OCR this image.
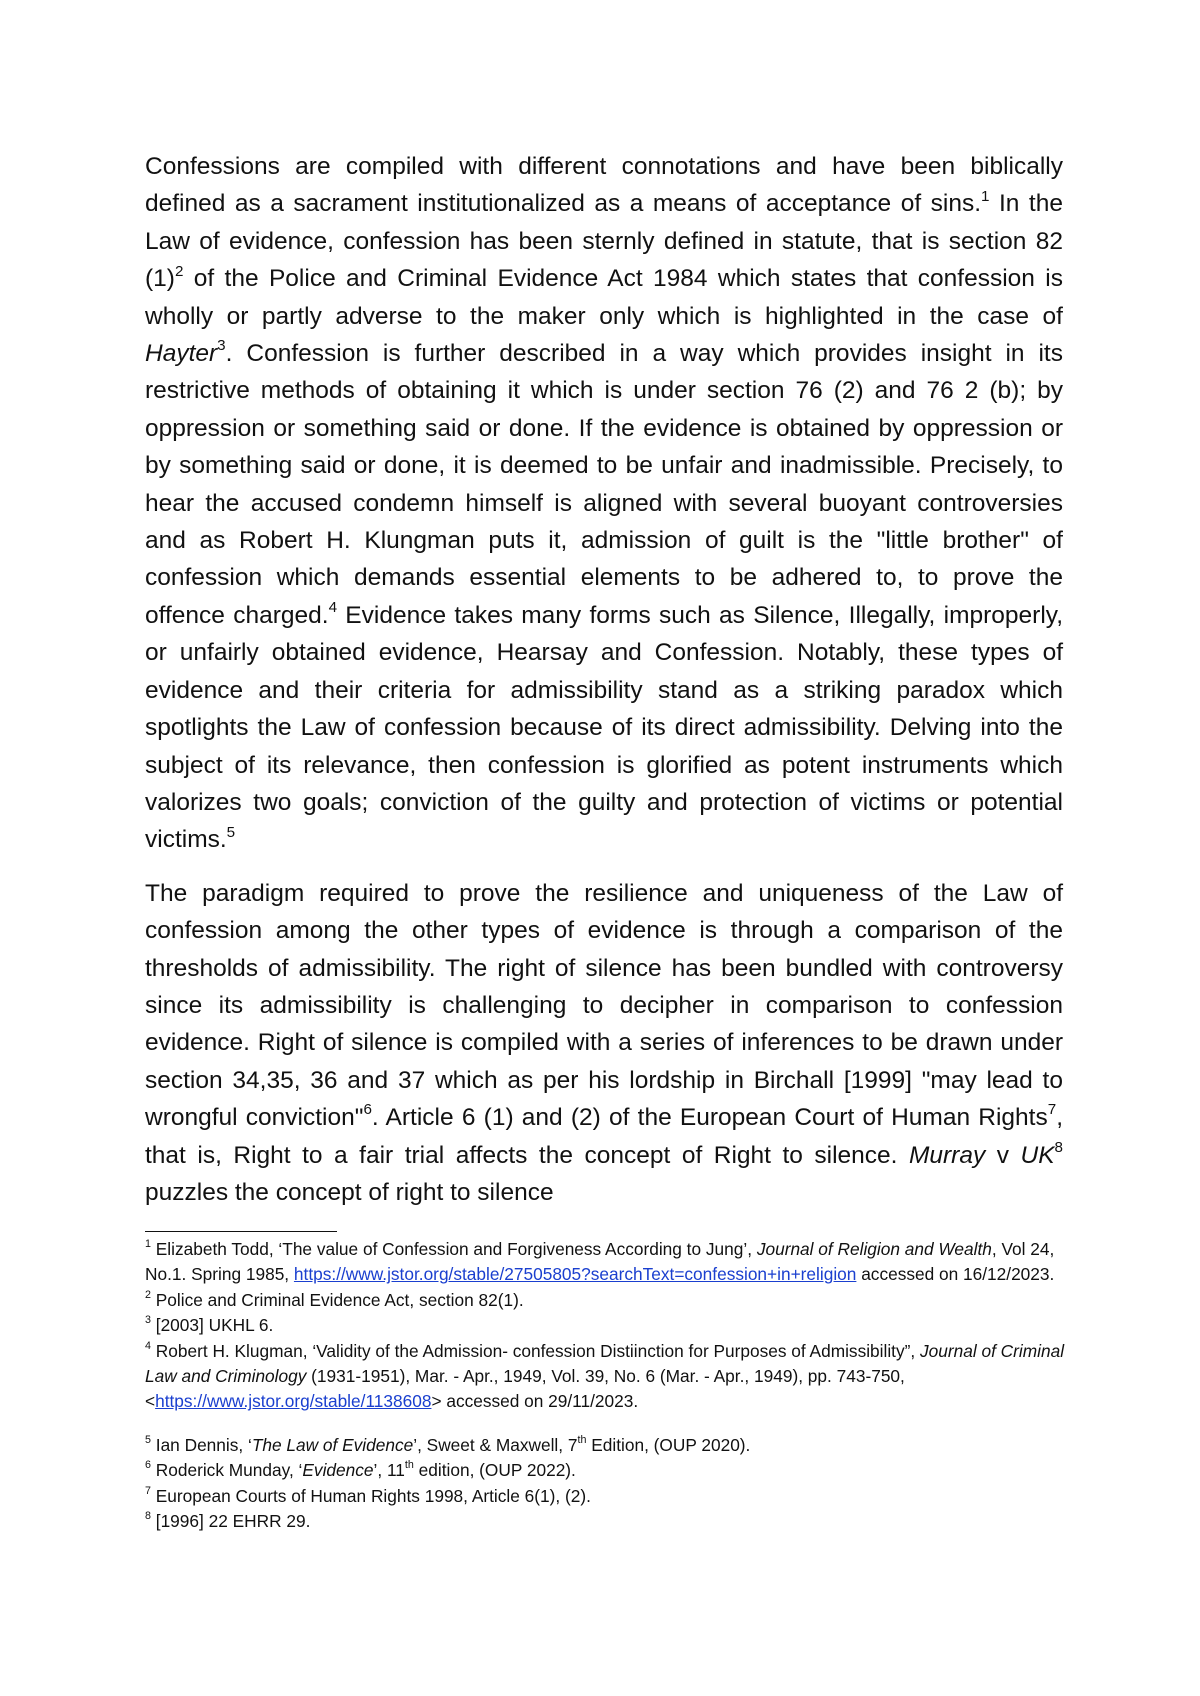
Confessions are compiled with different connotations and have been biblically defined as a sacrament institutionalized as a means of acceptance of sins.$^1$ In the Law of evidence, confession has been sternly defined in statute, that is section 82 $(1)^2$ of the Police and Criminal Evidence Act 1984 which states that confession is wholly or partly adverse to the maker only which is highlighted in the case of Hayter$^3$. Confession is further described in a way which provides insight in its restrictive methods of obtaining it which is under section 76 (2) and 76 2 (b); by oppression or something said or done. If the evidence is obtained by oppression or by something said or done, it is deemed to be unfair and inadmissible. Precisely, to hear the accused condemn himself is aligned with several buoyant controversies and as Robert H. Klungman puts it, admission of guilt is the "little brother" of confession which demands essential elements to be adhered to, to prove the offence charged.$^4$ Evidence takes many forms such as Silence, Illegally, improperly, or unfairly obtained evidence, Hearsay and Confession. Notably, these types of evidence and their criteria for admissibility stand as a striking paradox which spotlights the Law of confession because of its direct admissibility. Delving into the subject of its relevance, then confession is glorified as potent instruments which valorizes two goals; conviction of the guilty and protection of victims or potential victims.$^5$

The paradigm required to prove the resilience and uniqueness of the Law of confession among the other types of evidence is through a comparison of the thresholds of admissibility. The right of silence has been bundled with controversy since its admissibility is challenging to decipher in comparison to confession evidence. Right of silence is compiled with a series of inferences to be drawn under section 34,35, 36 and 37 which as per his lordship in Birchall [1999] "may lead to wrongful conviction"$^6$. Article 6 (1) and (2) of the European Court of Human Rights$^7$, that is, Right to a fair trial affects the concept of Right to silence. Murray v $UK^8$ puzzles the concept of right to silence

$^1$ Elizabeth Todd, ‘The value of Confession and Forgiveness According to Jung’, Journal of Religion and Wealth, Vol 24, No.1. Spring 1985, https://www.jstor.org/stable/27505805?searchText=confession+in+religion accessed on 16/12/2023.

$^2$ Police and Criminal Evidence Act, section 82(1).

$^3$ [2003] UKHL 6.

$^4$ Robert H. Klugman, ‘Validity of the Admission- confession Distiinction for Purposes of Admissibility”, Journal of Criminal Law and Criminology (1931-1951), Mar. - Apr., 1949, Vol. 39, No. 6 (Mar. - Apr., 1949), pp. 743-750, <https://www.jstor.org/stable/1138608> accessed on 29/11/2023.

$^5$ Ian Dennis, ‘The Law of Evidence’, Sweet & Maxwell, 7th Edition, (OUP 2020).

$^6$ Roderick Munday, ‘Evidence’, 11th edition, (OUP 2022).

$^7$ European Courts of Human Rights 1998, Article 6(1), (2).

$^8$ [1996] 22 EHRR 29.
